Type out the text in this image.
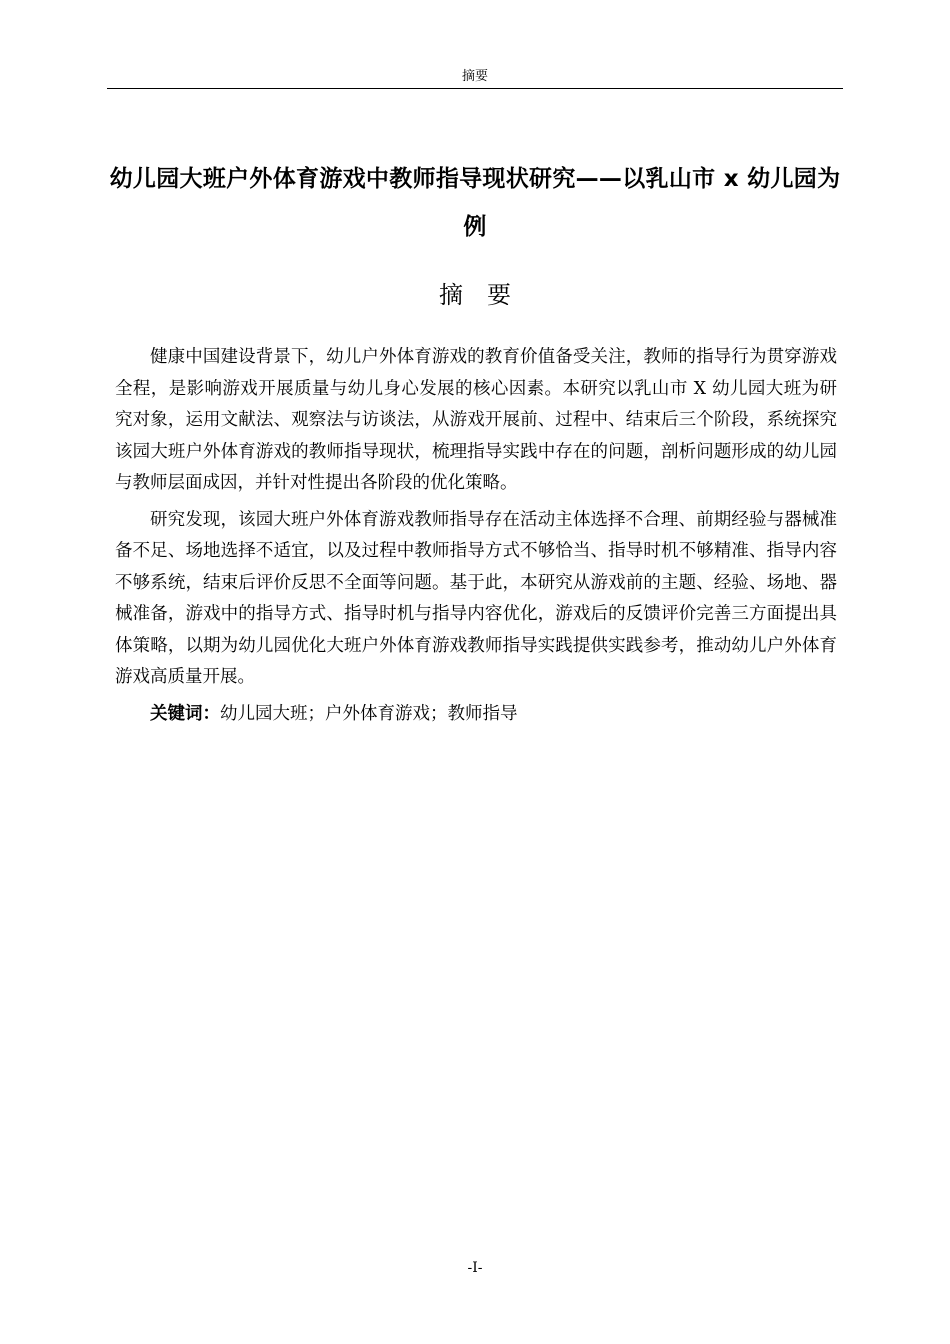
摘要
幼儿园大班户外体育游戏中教师指导现状研究——以乳山市 x 幼儿园为例
摘要

健康中国建设背景下，幼儿户外体育游戏的教育价值备受关注，教师的指导行为贯穿游戏全程，是影响游戏开展质量与幼儿身心发展的核心因素。本研究以乳山市 X 幼儿园大班为研究对象，运用文献法、观察法与访谈法，从游戏开展前、过程中、结束后三个阶段，系统探究该园大班户外体育游戏的教师指导现状，梳理指导实践中存在的问题，剖析问题形成的幼儿园与教师层面成因，并针对性提出各阶段的优化策略。

研究发现，该园大班户外体育游戏教师指导存在活动主体选择不合理、前期经验与器械准备不足、场地选择不适宜，以及过程中教师指导方式不够恰当、指导时机不够精准、指导内容不够系统，结束后评价反思不全面等问题。基于此，本研究从游戏前的主题、经验、场地、器械准备，游戏中的指导方式、指导时机与指导内容优化，游戏后的反馈评价完善三方面提出具体策略，以期为幼儿园优化大班户外体育游戏教师指导实践提供实践参考，推动幼儿户外体育游戏高质量开展。

关键词：幼儿园大班；户外体育游戏；教师指导

-I-
